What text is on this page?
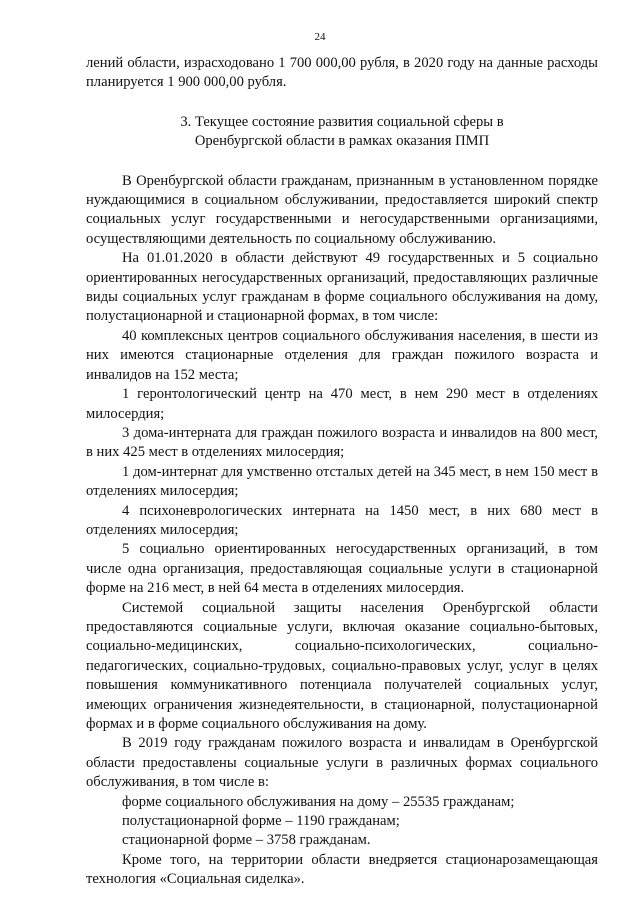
24

лений области, израсходовано 1 700 000,00 рубля, в 2020 году на данные расходы планируется 1 900 000,00 рубля.

3. Текущее состояние развития социальной сферы в
Оренбургской области в рамках оказания ПМП

В Оренбургской области гражданам, признанным в установленном порядке нуждающимися в социальном обслуживании, предоставляется широкий спектр социальных услуг государственными и негосударственными организациями, осуществляющими деятельность по социальному обслуживанию.

На 01.01.2020 в области действуют 49 государственных и 5 социально ориентированных негосударственных организаций, предоставляющих различные виды социальных услуг гражданам в форме социального обслуживания на дому, полустационарной и стационарной формах, в том числе:

40 комплексных центров социального обслуживания населения, в шести из них имеются стационарные отделения для граждан пожилого возраста и инвалидов на 152 места;

1 геронтологический центр на 470 мест, в нем 290 мест в отделениях милосердия;

3 дома-интерната для граждан пожилого возраста и инвалидов на 800 мест, в них 425 мест в отделениях милосердия;

1 дом-интернат для умственно отсталых детей на 345 мест, в нем 150 мест в отделениях милосердия;

4 психоневрологических интерната на 1450 мест, в них 680 мест в отделениях милосердия;

5 социально ориентированных негосударственных организаций, в том числе одна организация, предоставляющая социальные услуги в стационарной форме на 216 мест, в ней 64 места в отделениях милосердия.

Системой социальной защиты населения Оренбургской области предоставляются социальные услуги, включая оказание социально-бытовых, социально-медицинских, социально-психологических, социально-педагогических, социально-трудовых, социально-правовых услуг, услуг в целях повышения коммуникативного потенциала получателей социальных услуг, имеющих ограничения жизнедеятельности, в стационарной, полустационарной формах и в форме социального обслуживания на дому.

В 2019 году гражданам пожилого возраста и инвалидам в Оренбургской области предоставлены социальные услуги в различных формах социального обслуживания, в том числе в:

форме социального обслуживания на дому – 25535 гражданам;

полустационарной форме – 1190 гражданам;

стационарной форме – 3758 гражданам.

Кроме того, на территории области внедряется стационарозамещающая технология «Социальная сиделка».
